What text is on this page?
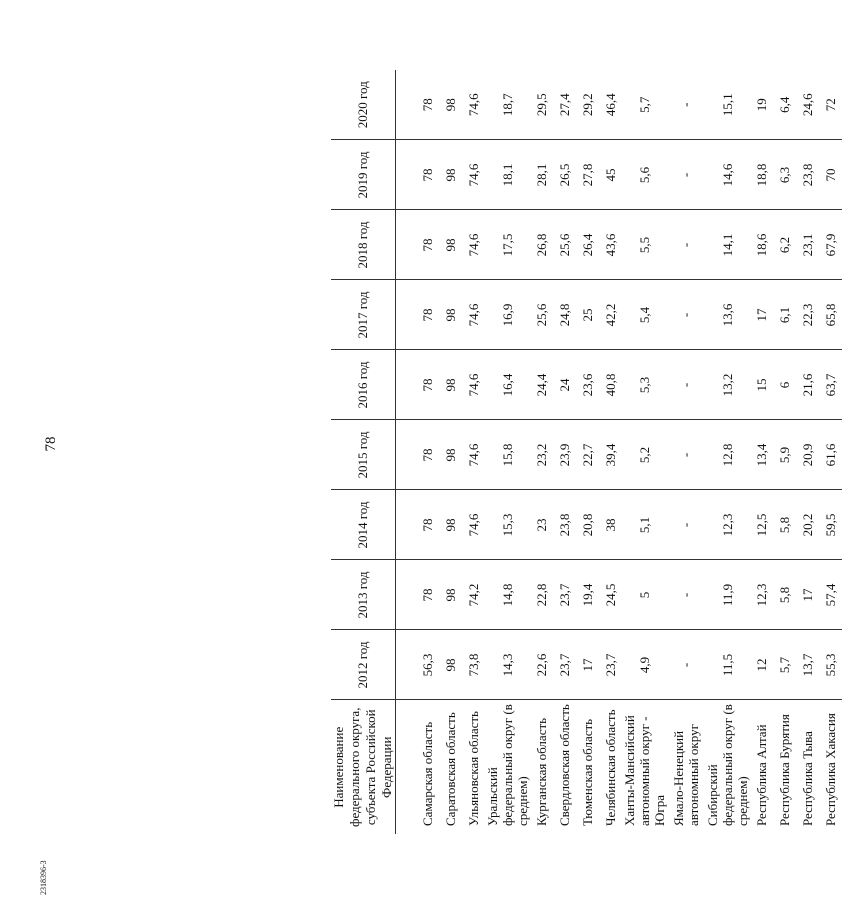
78
2318396-3
Наименование федерального округа, субъекта Российской Федерации	2012 год	2013 год	2014 год	2015 год	2016 год	2017 год	2018 год	2019 год	2020 год

Самарская область	56,3	78	78	78	78	78	78	78	78
Саратовская область	98	98	98	98	98	98	98	98	98
Ульяновская область	73,8	74,2	74,6	74,6	74,6	74,6	74,6	74,6	74,6
Уральский федеральный округ (в среднем)	14,3	14,8	15,3	15,8	16,4	16,9	17,5	18,1	18,7
Курганская область	22,6	22,8	23	23,2	24,4	25,6	26,8	28,1	29,5
Свердловская область	23,7	23,7	23,8	23,9	24	24,8	25,6	26,5	27,4
Тюменская область	17	19,4	20,8	22,7	23,6	25	26,4	27,8	29,2
Челябинская область	23,7	24,5	38	39,4	40,8	42,2	43,6	45	46,4
Ханты-Мансийский автономный округ - Югра	4,9	5	5,1	5,2	5,3	5,4	5,5	5,6	5,7
Ямало-Ненецкий автономный округ	-	-	-	-	-	-	-	-	-
Сибирский федеральный округ (в среднем)	11,5	11,9	12,3	12,8	13,2	13,6	14,1	14,6	15,1
Республика Алтай	12	12,3	12,5	13,4	15	17	18,6	18,8	19
Республика Бурятия	5,7	5,8	5,8	5,9	6	6,1	6,2	6,3	6,4
Республика Тыва	13,7	17	20,2	20,9	21,6	22,3	23,1	23,8	24,6
Республика Хакасия	55,3	57,4	59,5	61,6	63,7	65,8	67,9	70	72
